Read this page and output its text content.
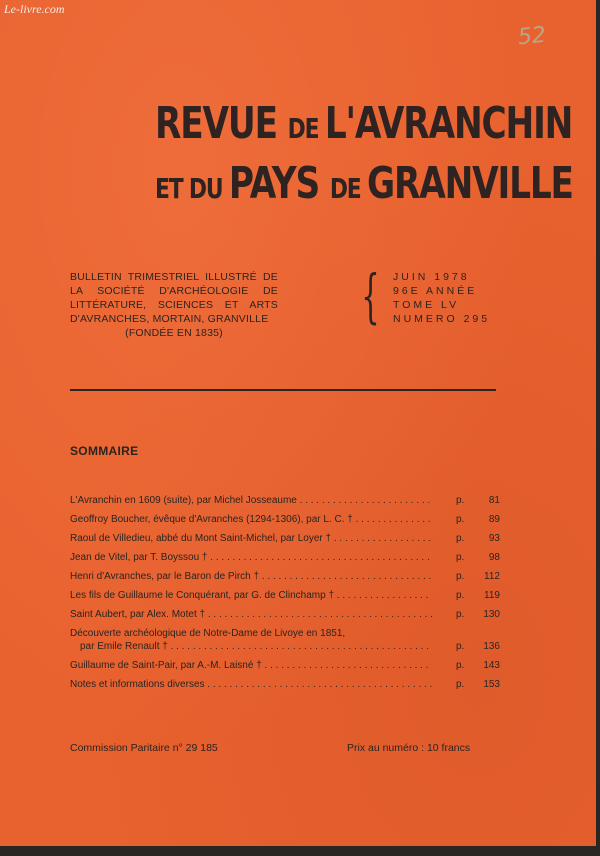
Le-livre.com
52
REVUE DE L'AVRANCHIN
ET DU PAYS DE GRANVILLE
BULLETIN TRIMESTRIEL ILLUSTRÉ DE LA SOCIÉTÉ D'ARCHÉOLOGIE DE LITTÉRATURE, SCIENCES ET ARTS D'AVRANCHES, MORTAIN, GRANVILLE
(FONDÉE EN 1835)
{ JUIN 1978
96E ANNÉE
TOME LV
NUMERO 295
SOMMAIRE
L'Avranchin en 1609 (suite), par Michel Josseaume . . .	p.	81
Geoffroy Boucher, évêque d'Avranches (1294-1306), par L. C. † . . .	p.	89
Raoul de Villedieu, abbé du Mont Saint-Michel, par Loyer † . . .	p.	93
Jean de Vitel, par T. Boyssou † . . .	p.	98
Henri d'Avranches, par le Baron de Pirch † . . .	p.	112
Les fils de Guillaume le Conquérant, par G. de Clinchamp † . . .	p.	119
Saint Aubert, par Alex. Motet † . . .	p.	130
Découverte archéologique de Notre-Dame de Livoye en 1851,
par Emile Renault † . . .	p.	136
Guillaume de Saint-Pair, par A.-M. Laisné † . . .	p.	143
Notes et informations diverses . . .	p.	153
Commission Paritaire n° 29 185	Prix au numéro : 10 francs
